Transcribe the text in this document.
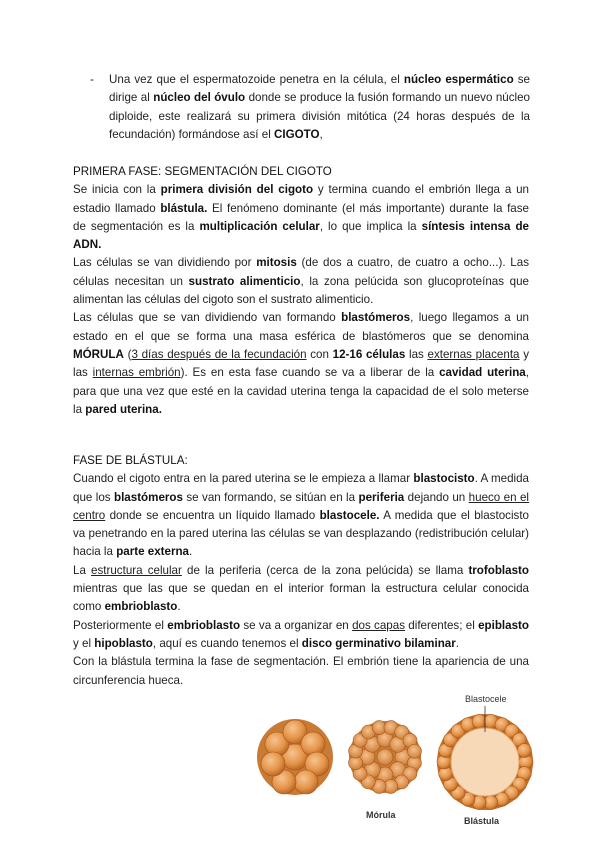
- Una vez que el espermatozoide penetra en la célula, el núcleo espermático se dirige al núcleo del óvulo donde se produce la fusión formando un nuevo núcleo diploide, este realizará su primera división mitótica (24 horas después de la fecundación) formándose así el CIGOTO,

PRIMERA FASE: SEGMENTACIÓN DEL CIGOTO

Se inicia con la primera división del cigoto y termina cuando el embrión llega a un estadio llamado blástula. El fenómeno dominante (el más importante) durante la fase de segmentación es la multiplicación celular, lo que implica la síntesis intensa de ADN.

Las células se van dividiendo por mitosis (de dos a cuatro, de cuatro a ocho...). Las células necesitan un sustrato alimenticio, la zona pelúcida son glucoproteínas que alimentan las células del cigoto son el sustrato alimenticio.

Las células que se van dividiendo van formando blastómeros, luego llegamos a un estado en el que se forma una masa esférica de blastómeros que se denomina MÓRULA (3 días después de la fecundación con 12-16 células las externas placenta y las internas embrión). Es en esta fase cuando se va a liberar de la cavidad uterina, para que una vez que esté en la cavidad uterina tenga la capacidad de el solo meterse la pared uterina.

FASE DE BLÁSTULA:

Cuando el cigoto entra en la pared uterina se le empieza a llamar blastocisto. A medida que los blastómeros se van formando, se sitúan en la periferia dejando un hueco en el centro donde se encuentra un líquido llamado blastocele. A medida que el blastocisto va penetrando en la pared uterina las células se van desplazando (redistribución celular) hacia la parte externa.

La estructura celular de la periferia (cerca de la zona pelúcida) se llama trofoblasto mientras que las que se quedan en el interior forman la estructura celular conocida como embrioblasto.

Posteriormente el embrioblasto se va a organizar en dos capas diferentes; el epiblasto y el hipoblasto, aquí es cuando tenemos el disco germinativo bilaminar.

Con la blástula termina la fase de segmentación. El embrión tiene la apariencia de una circunferencia hueca.

Blastocele
Mórula
Blástula
